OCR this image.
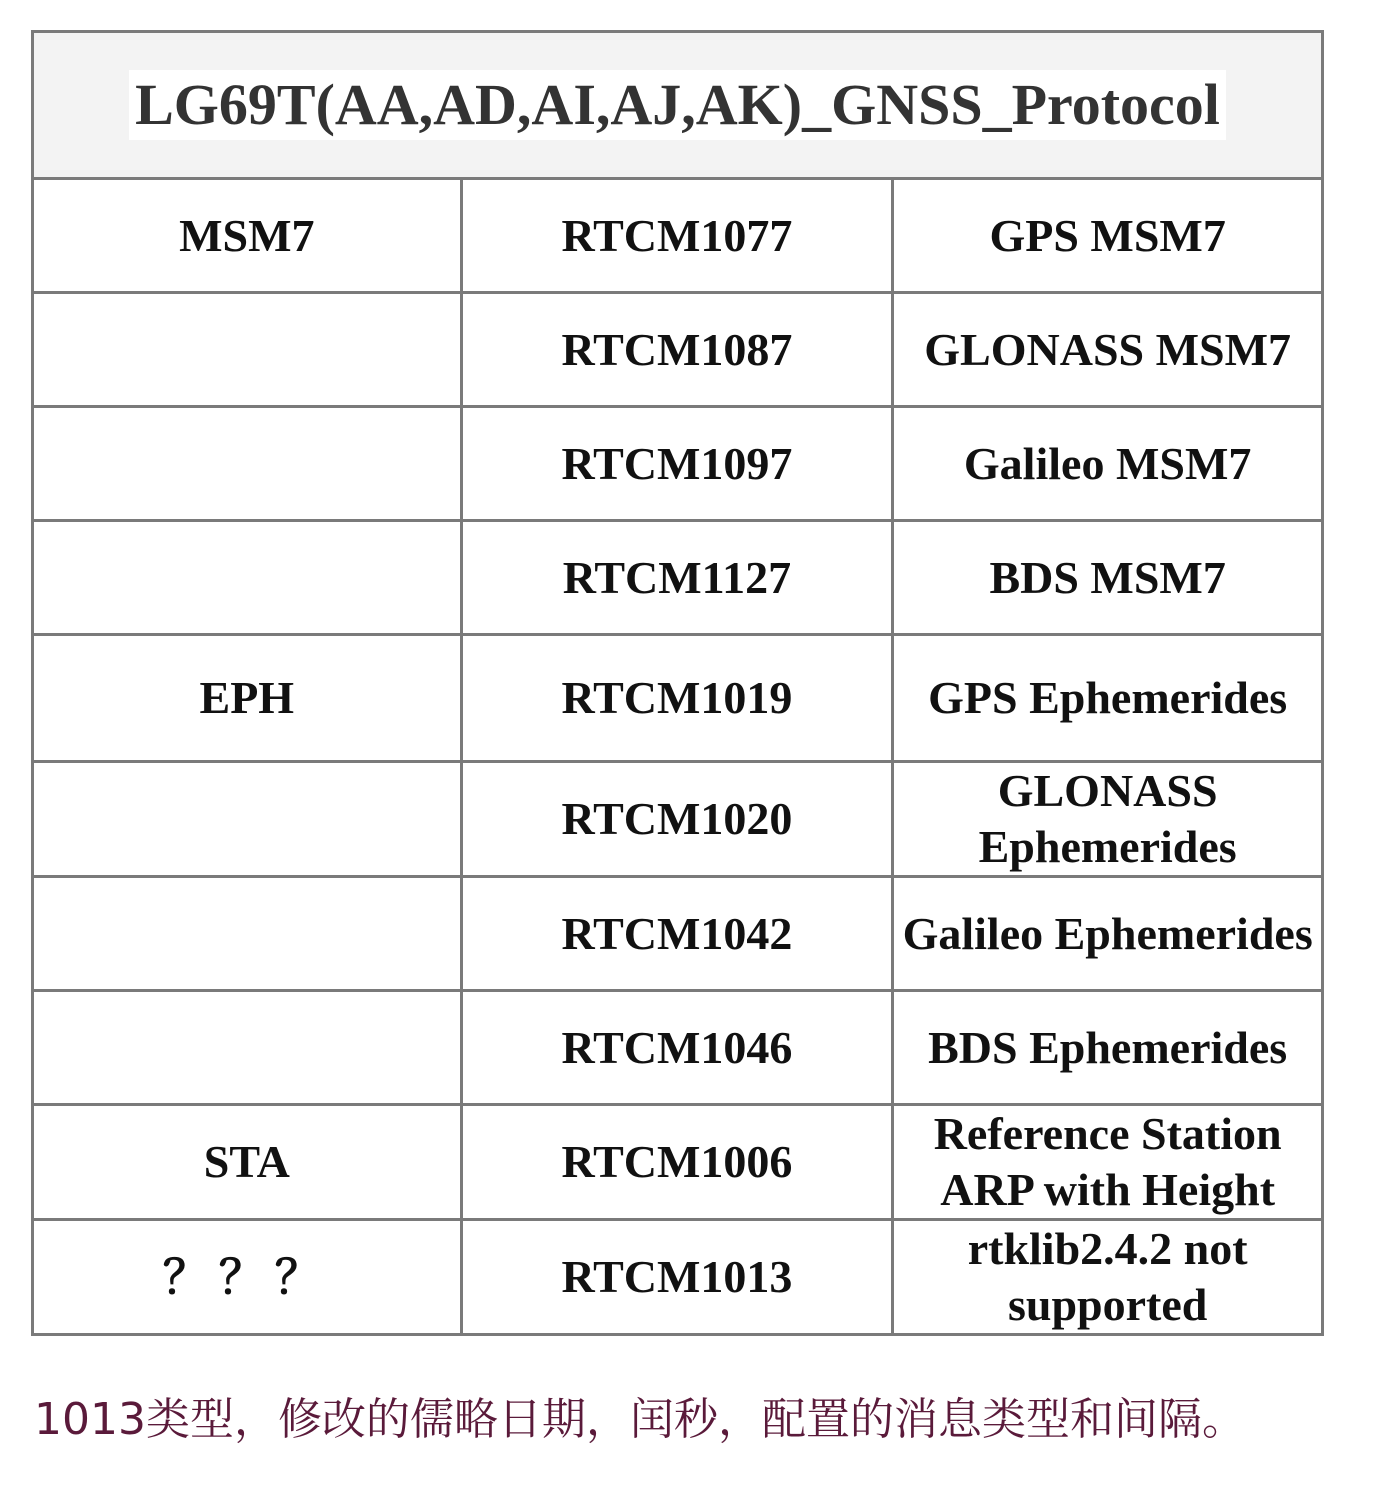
LG69T(AA,AD,AI,AJ,AK)_GNSS_Protocol		
MSM7	RTCM1077	GPS MSM7
	RTCM1087	GLONASS MSM7
	RTCM1097	Galileo MSM7
	RTCM1127	BDS MSM7
EPH	RTCM1019	GPS Ephemerides
	RTCM1020	GLONASS Ephemerides
	RTCM1042	Galileo Ephemerides
	RTCM1046	BDS Ephemerides
STA	RTCM1006	Reference Station ARP with Height
？？？	RTCM1013	rtklib2.4.2 not supported
1013类型，修改的儒略日期，闰秒，配置的消息类型和间隔。
